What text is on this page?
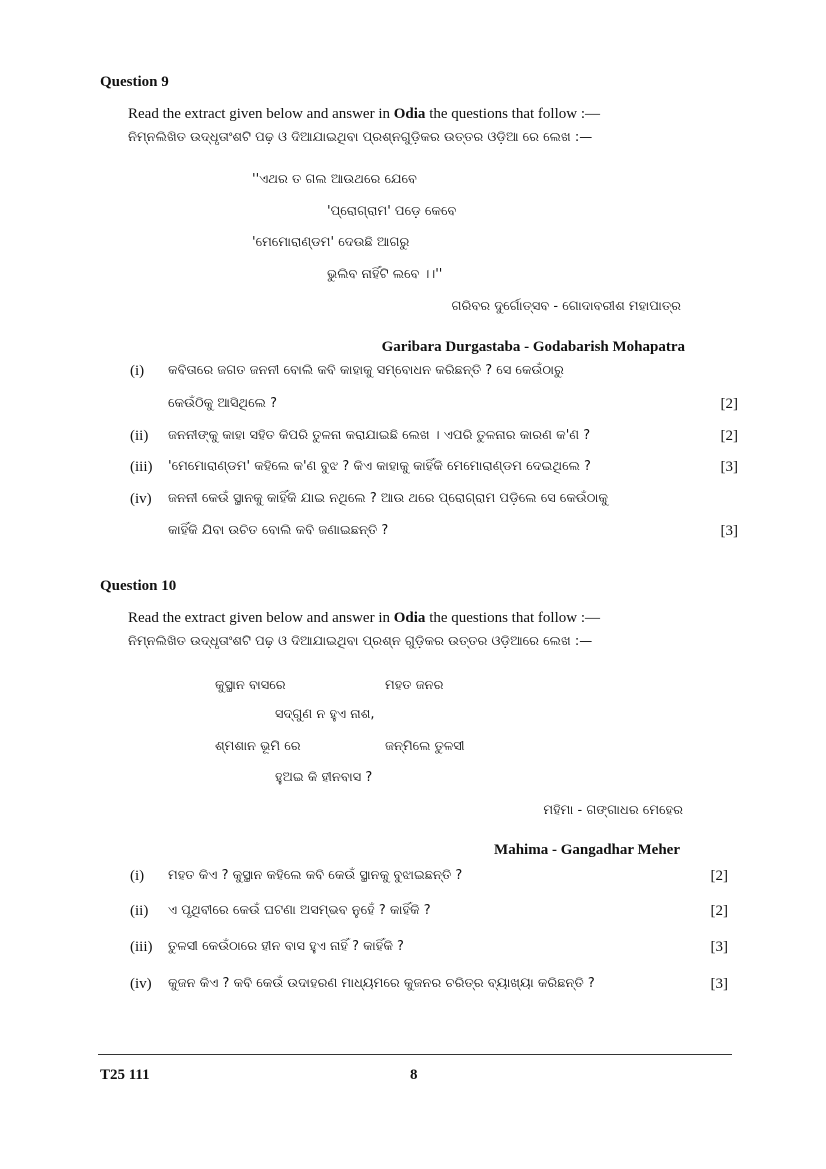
Question 9
Read the extract given below and answer in Odia the questions that follow :—
ନିମ୍ନଲିଖିତ ଉଦ୍ଧୃତାଂଶଟି ପଢ଼ ଓ ଦିଆଯାଇଥିବା ପ୍ରଶ୍ନଗୁଡ଼ିକର ଉତ୍ତର ଓଡ଼ିଆ ରେ ଲେଖ :—
''ଏଥର ତ ଗଲ ଆଉଥରେ ଯେବେ
'ପ୍ରୋଗ୍ରାମ' ପଡ଼େ କେବେ
'ମେମୋରାଣ୍ଡମ' ଦେଉଛି ଆଗରୁ
ଭୁଲିବ ନାହିଁଟି ଲବେ ।।''
ଗରିବର ଦୁର୍ଗୋତ୍ସବ - ଗୋଦାବରୀଶ ମହାପାତ୍ର
Garibara Durgastaba - Godabarish Mohapatra
(i) କବିତାରେ ଜଗତ ଜନନୀ ବୋଲି କବି କାହାକୁ ସମ୍ବୋଧନ କରିଛନ୍ତି ? ସେ କେଉଁଠାରୁ
କେଉଁଠିକୁ ଆସିଥିଲେ ?	[2]
(ii) ଜନନୀଙ୍କୁ କାହା ସହିତ କିପରି ତୁଳନା କରାଯାଇଛି ଲେଖ । ଏପରି ତୁଳନାର କାରଣ କ'ଣ ?	[2]
(iii) 'ମେମୋରାଣ୍ଡମ' କହିଲେ କ'ଣ ବୁଝ ? କିଏ କାହାକୁ କାହିଁକି ମେମୋରାଣ୍ଡମ ଦେଇଥିଲେ ?	[3]
(iv) ଜନନୀ କେଉଁ ସ୍ଥାନକୁ କାହିଁକି ଯାଇ ନଥିଲେ ? ଆଉ ଥରେ ପ୍ରୋଗ୍ରାମ ପଡ଼ିଲେ ସେ କେଉଁଠାକୁ
କାହିଁକି ଯିବା ଉଚିତ ବୋଲି କବି ଜଣାଇଛନ୍ତି ?	[3]
Question 10
Read the extract given below and answer in Odia the questions that follow :—
ନିମ୍ନଲିଖିତ ଉଦ୍ଧୃତାଂଶଟି ପଢ଼ ଓ ଦିଆଯାଇଥିବା ପ୍ରଶ୍ନ ଗୁଡ଼ିକର ଉତ୍ତର ଓଡ଼ିଆରେ ଲେଖ :—
କୁସ୍ଥାନ ବାସରେ	ମହତ ଜନର
ସଦ୍‌ଗୁଣ ନ ହୁଏ ନାଶ,
ଶ୍ମଶାନ ଭୂମି ରେ	ଜନ୍ମିଲେ ତୁଳସୀ
ହୁଅଇ କି ହୀନବାସ ?
ମହିମା - ଗଙ୍ଗାଧର ମେହେର
Mahima - Gangadhar Meher
(i) ମହତ କିଏ ? କୁସ୍ଥାନ କହିଲେ କବି କେଉଁ ସ୍ଥାନକୁ ବୁଝାଇଛନ୍ତି ?	[2]
(ii) ଏ ପୃଥିବୀରେ କେଉଁ ଘଟଣା ଅସମ୍ଭବ ନୁହେଁ ? କାହିଁକି ?	[2]
(iii) ତୁଳସୀ କେଉଁଠାରେ ହୀନ ବାସ ହୁଏ ନାହିଁ ? କାହିଁକି ?	[3]
(iv) କୁଜନ କିଏ ? କବି କେଉଁ ଉଦାହରଣ ମାଧ୍ୟମରେ କୁଜନର ଚରିତ୍ର ବ୍ୟାଖ୍ୟା କରିଛନ୍ତି ?	[3]
T25 111	8
